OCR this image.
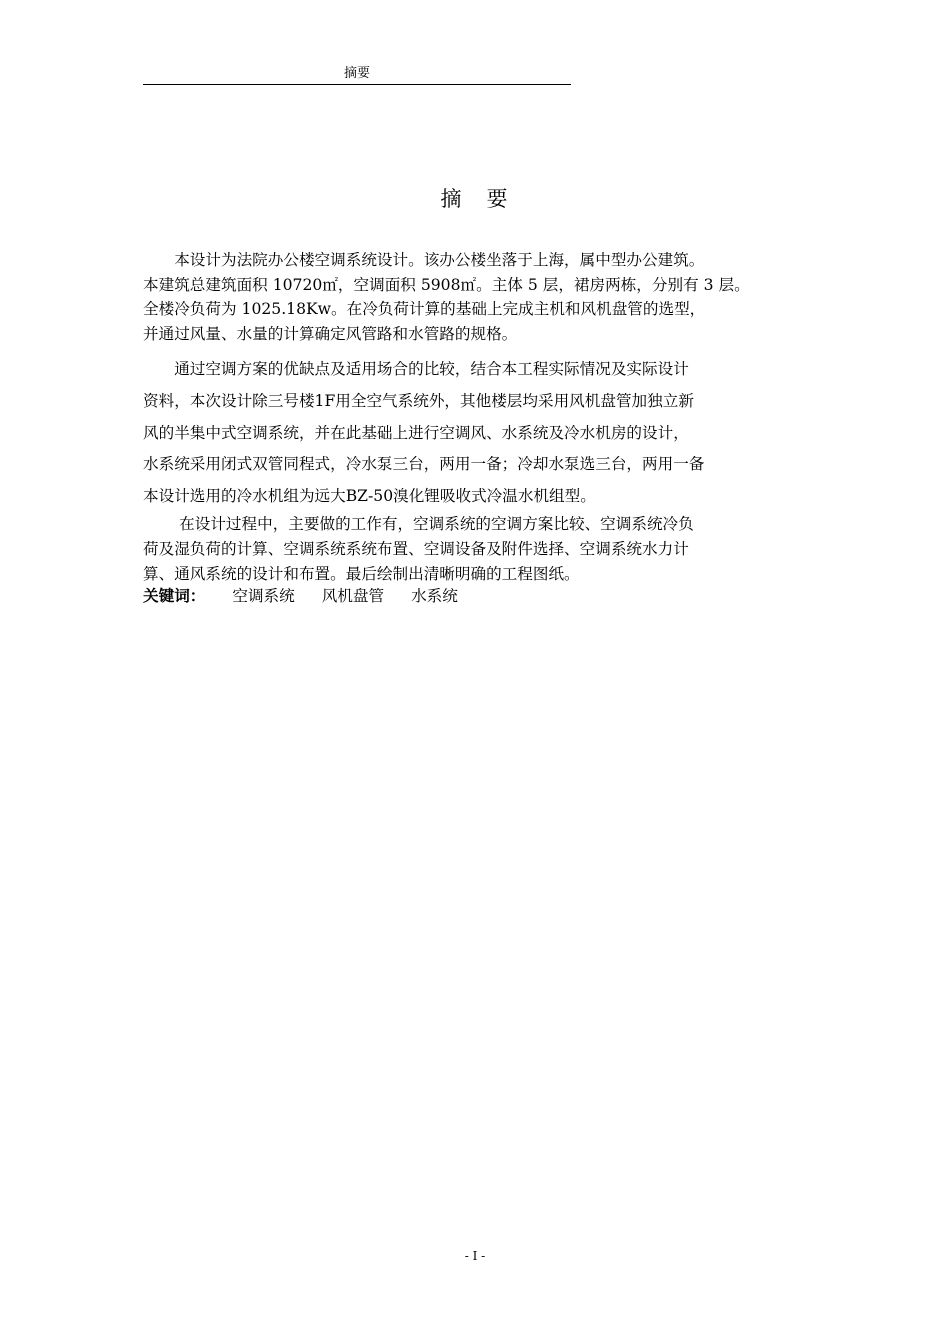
摘要
摘　要

　　本设计为法院办公楼空调系统设计。该办公楼坐落于上海，属中型办公建筑。
本建筑总建筑面积 10720㎡，空调面积 5908㎡。主体 5 层，裙房两栋，分别有 3 层。
全楼冷负荷为 1025.18Kw。在冷负荷计算的基础上完成主机和风机盘管的选型，
并通过风量、水量的计算确定风管路和水管路的规格。

　　通过空调方案的优缺点及适用场合的比较，结合本工程实际情况及实际设计
资料，本次设计除三号楼1F用全空气系统外，其他楼层均采用风机盘管加独立新
风的半集中式空调系统，并在此基础上进行空调风、水系统及冷水机房的设计，
水系统采用闭式双管同程式，冷水泵三台，两用一备；冷却水泵选三台，两用一备
本设计选用的冷水机组为远大BZ-50溴化锂吸收式冷温水机组型。

　　 在设计过程中，主要做的工作有，空调系统的空调方案比较、空调系统冷负
荷及湿负荷的计算、空调系统系统布置、空调设备及附件选择、空调系统水力计
算、通风系统的设计和布置。最后绘制出清晰明确的工程图纸。

关键词： 空调系统 风机盘管 水系统
- I -
